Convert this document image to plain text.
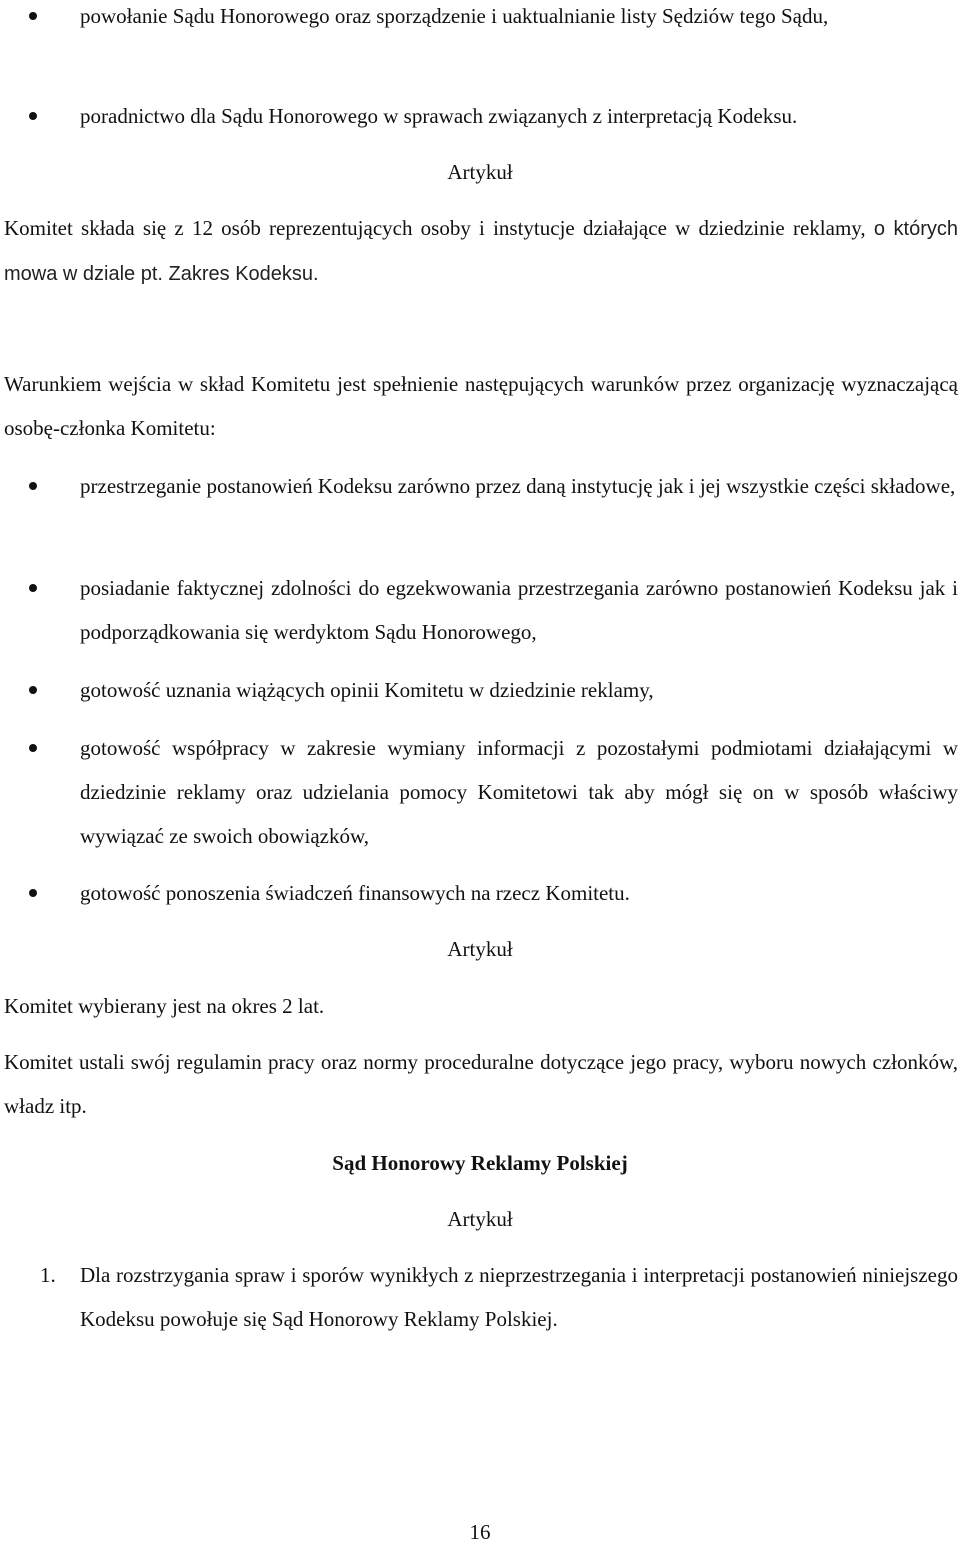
powołanie Sądu Honorowego oraz sporządzenie i uaktualnianie listy Sędziów tego Sądu,
poradnictwo dla Sądu Honorowego w sprawach związanych z interpretacją Kodeksu.
Artykuł
Komitet składa się z 12 osób reprezentujących osoby i instytucje działające w dziedzinie reklamy, o których mowa w dziale pt. Zakres Kodeksu.
Warunkiem wejścia w skład Komitetu jest spełnienie następujących warunków przez organizację wyznaczającą osobę-członka Komitetu:
przestrzeganie postanowień Kodeksu zarówno przez daną instytucję jak i jej wszystkie części składowe,
posiadanie faktycznej zdolności do egzekwowania przestrzegania zarówno postanowień Kodeksu jak i podporządkowania się werdyktom Sądu Honorowego,
gotowość uznania wiążących opinii Komitetu w dziedzinie reklamy,
gotowość współpracy w zakresie wymiany informacji z pozostałymi podmiotami działającymi w dziedzinie reklamy oraz udzielania pomocy Komitetowi tak aby mógł się on w sposób właściwy wywiązać ze swoich obowiązków,
gotowość ponoszenia świadczeń finansowych na rzecz Komitetu.
Artykuł
Komitet wybierany jest na okres 2 lat.
Komitet ustali swój regulamin pracy oraz normy proceduralne dotyczące jego pracy, wyboru nowych członków, władz itp.
Sąd Honorowy Reklamy Polskiej
Artykuł
1. Dla rozstrzygania spraw i sporów wynikłych z nieprzestrzegania i interpretacji postanowień niniejszego Kodeksu powołuje się Sąd Honorowy Reklamy Polskiej.
16
